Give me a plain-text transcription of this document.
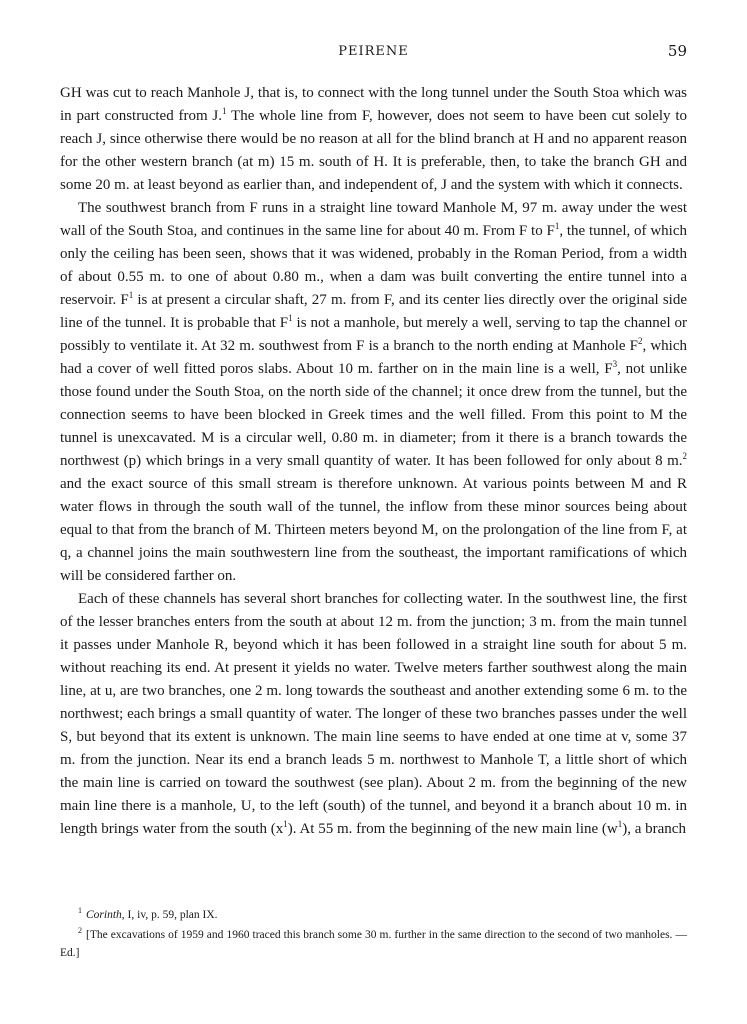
PEIRENE	59

GH was cut to reach Manhole J, that is, to connect with the long tunnel under the South Stoa which was in part constructed from J.$^1$ The whole line from F, however, does not seem to have been cut solely to reach J, since otherwise there would be no reason at all for the blind branch at H and no apparent reason for the other western branch (at m) 15 m. south of H. It is preferable, then, to take the branch GH and some 20 m. at least beyond as earlier than, and independent of, J and the system with which it connects.

The southwest branch from F runs in a straight line toward Manhole M, 97 m. away under the west wall of the South Stoa, and continues in the same line for about 40 m. From F to $F^1$, the tunnel, of which only the ceiling has been seen, shows that it was widened, probably in the Roman Period, from a width of about 0.55 m. to one of about 0.80 m., when a dam was built converting the entire tunnel into a reservoir. $F^1$ is at present a circular shaft, 27 m. from F, and its center lies directly over the original side line of the tunnel. It is probable that $F^1$ is not a manhole, but merely a well, serving to tap the channel or possibly to ventilate it. At 32 m. southwest from F is a branch to the north ending at Manhole $F^2$, which had a cover of well fitted poros slabs. About 10 m. farther on in the main line is a well, $F^3$, not unlike those found under the South Stoa, on the north side of the channel; it once drew from the tunnel, but the connection seems to have been blocked in Greek times and the well filled. From this point to M the tunnel is unexcavated. M is a circular well, 0.80 m. in diameter; from it there is a branch towards the northwest (p) which brings in a very small quantity of water. It has been followed for only about 8 m.$^2$ and the exact source of this small stream is therefore unknown. At various points between M and R water flows in through the south wall of the tunnel, the inflow from these minor sources being about equal to that from the branch of M. Thirteen meters beyond M, on the prolongation of the line from F, at q, a channel joins the main southwestern line from the southeast, the important ramifications of which will be considered farther on.

Each of these channels has several short branches for collecting water. In the southwest line, the first of the lesser branches enters from the south at about 12 m. from the junction; 3 m. from the main tunnel it passes under Manhole R, beyond which it has been followed in a straight line south for about 5 m. without reaching its end. At present it yields no water. Twelve meters farther southwest along the main line, at u, are two branches, one 2 m. long towards the southeast and another extending some 6 m. to the northwest; each brings a small quantity of water. The longer of these two branches passes under the well S, but beyond that its extent is unknown. The main line seems to have ended at one time at v, some 37 m. from the junction. Near its end a branch leads 5 m. northwest to Manhole T, a little short of which the main line is carried on toward the southwest (see plan). About 2 m. from the beginning of the new main line there is a manhole, U, to the left (south) of the tunnel, and beyond it a branch about 10 m. in length brings water from the south $(x^1)$. At 55 m. from the beginning of the new main line $(w^1)$, a branch

$^1$ Corinth, I, iv, p. 59, plan IX.

$^2$ [The excavations of 1959 and 1960 traced this branch some 30 m. further in the same direction to the second of two manholes. — Ed.]
